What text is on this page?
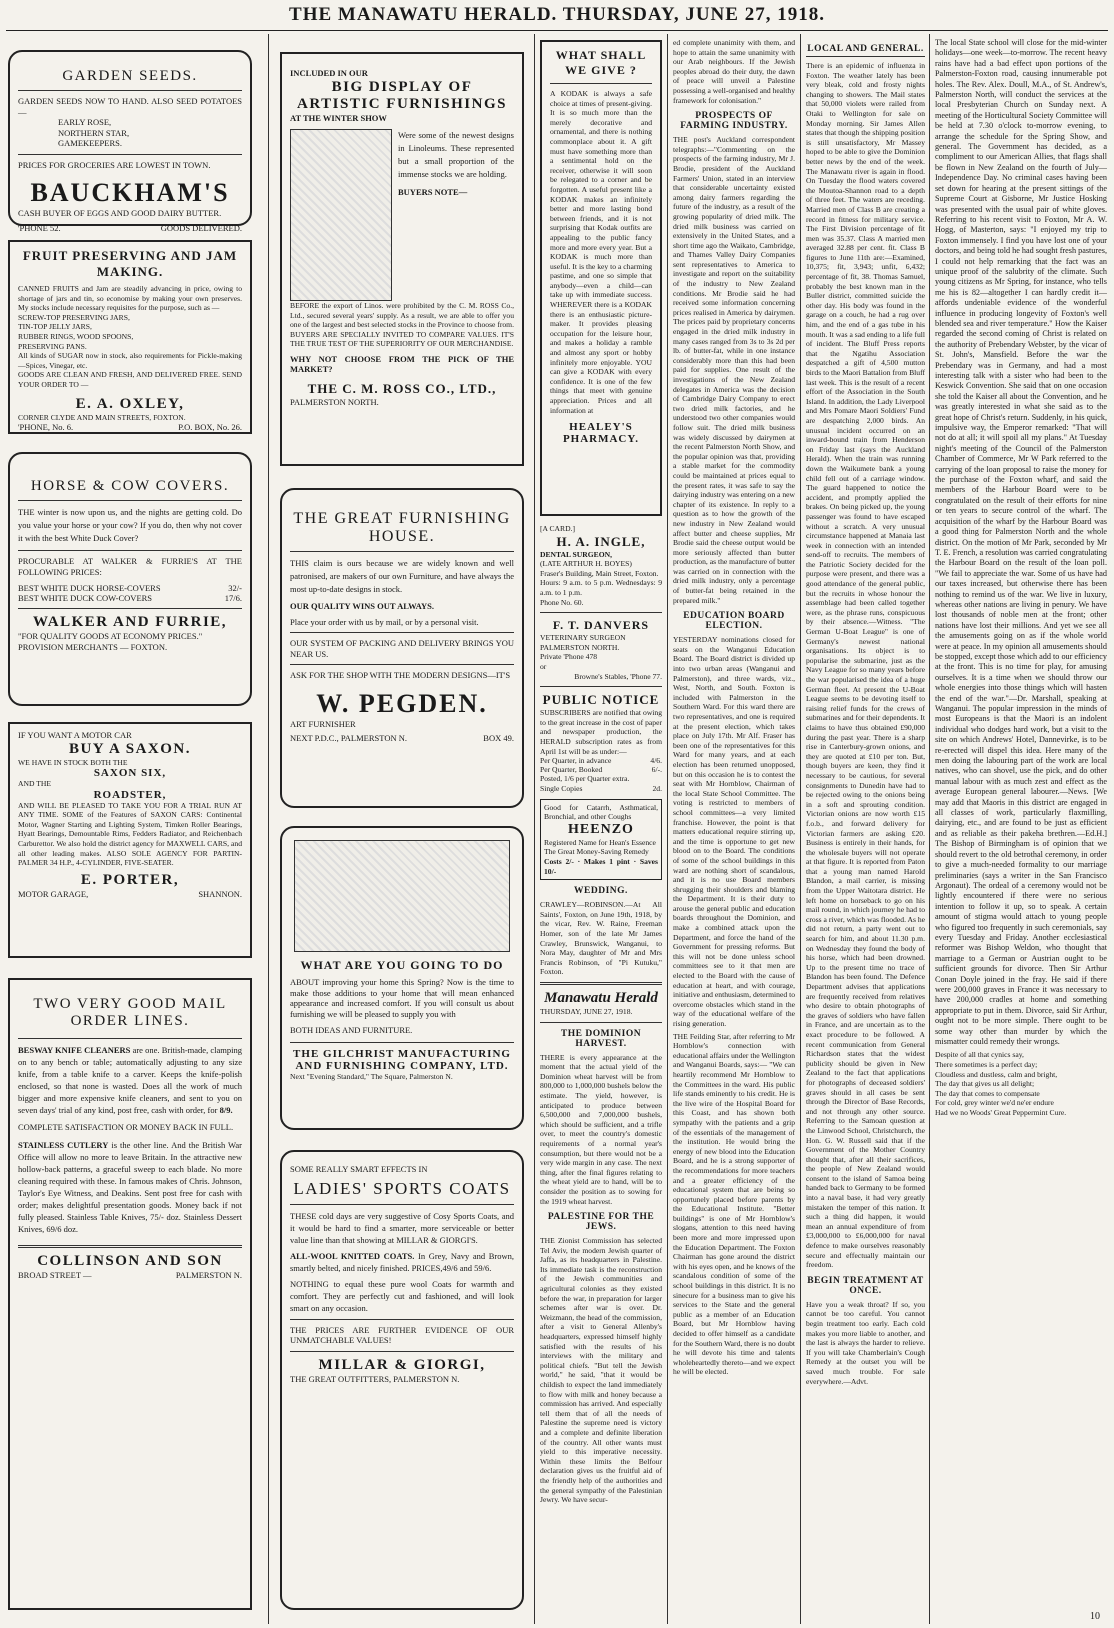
THE MANAWATU HERALD. THURSDAY, JUNE 27, 1918.
GARDEN SEEDS.
GARDEN SEEDS NOW TO HAND. ALSO SEED POTATOES —
EARLY ROSE,
NORTHERN STAR,
GAMEKEEPERS.
PRICES FOR GROCERIES ARE LOWEST IN TOWN.
BAUCKHAM'S
CASH BUYER OF EGGS AND GOOD DAIRY BUTTER.
'PHONE 52.	GOODS DELIVERED.
FRUIT PRESERVING AND JAM MAKING.
CANNED FRUITS and Jam are steadily advancing in price, owing to shortage of jars and tin, so economise by making your own preserves. My stocks include necessary requisites for the purpose, such as —
SCREW-TOP PRESERVING JARS,
TIN-TOP JELLY JARS,
RUBBER RINGS, WOOD SPOONS,
PRESERVING PANS.
All kinds of SUGAR now in stock, also requirements for Pickle-making—Spices, Vinegar, etc.
GOODS ARE CLEAN AND FRESH, AND DELIVERED FREE. SEND YOUR ORDER TO —
E. A. OXLEY,
CORNER CLYDE AND MAIN STREETS, FOXTON.
'PHONE, No. 6.	P.O. BOX, No. 26.
HORSE & COW COVERS.
THE winter is now upon us, and the nights are getting cold. Do you value your horse or your cow? If you do, then why not cover it with the best White Duck Cover?
PROCURABLE AT WALKER & FURRIE'S AT THE FOLLOWING PRICES:
BEST WHITE DUCK HORSE-COVERS	32/-
BEST WHITE DUCK COW-COVERS	17/6.
WALKER AND FURRIE,
"FOR QUALITY GOODS AT ECONOMY PRICES."
PROVISION MERCHANTS — FOXTON.
IF YOU WANT A MOTOR CAR
BUY A SAXON.
WE HAVE IN STOCK BOTH THE
SAXON SIX,
AND THE
ROADSTER,
AND WILL BE PLEASED TO TAKE YOU FOR A TRIAL RUN AT ANY TIME. SOME of the Features of SAXON CARS: Continental Motor, Wagner Starting and Lighting System, Timken Roller Bearings, Hyatt Bearings, Demountable Rims, Fedders Radiator, and Reichenbach Carburettor. We also hold the district agency for MAXWELL CARS, and all other leading makes. ALSO SOLE AGENCY FOR PARTIN-PALMER 34 H.P., 4-CYLINDER, FIVE-SEATER.
E. PORTER,
MOTOR GARAGE,	SHANNON.
TWO VERY GOOD MAIL ORDER LINES.
BESWAY KNIFE CLEANERS are one. British-made, clamping on to any bench or table; automatically adjusting to any size knife, from a table knife to a carver. Keeps the knife-polish enclosed, so that none is wasted. Does all the work of much bigger and more expensive knife cleaners, and sent to you on seven days' trial of any kind, post free, cash with order, for 8/9.
COMPLETE SATISFACTION OR MONEY BACK IN FULL.
STAINLESS CUTLERY is the other line. And the British War Office will allow no more to leave Britain. In the attractive new hollow-back patterns, a graceful sweep to each blade. No more cleaning required with these. In famous makes of Chris. Johnson, Taylor's Eye Witness, and Deakins. Sent post free for cash with order; makes delightful presentation goods. Money back if not fully pleased. Stainless Table Knives, 75/- doz. Stainless Dessert Knives, 69/6 doz.
COLLINSON AND SON
BROAD STREET —	PALMERSTON N.
INCLUDED IN OUR
BIG DISPLAY OF ARTISTIC FURNISHINGS
AT THE WINTER SHOW
Were some of the newest designs in Linoleums. These represented but a small proportion of the immense stocks we are holding.
BUYERS NOTE—
BEFORE the export of Linos. were prohibited by the C. M. ROSS Co., Ltd., secured several years' supply. As a result, we are able to offer you one of the largest and best selected stocks in the Province to choose from. BUYERS ARE SPECIALLY INVITED TO COMPARE VALUES. IT'S THE TRUE TEST OF THE SUPERIORITY OF OUR MERCHANDISE.
WHY NOT CHOOSE FROM THE PICK OF THE MARKET?
THE C. M. ROSS CO., LTD.,
PALMERSTON NORTH.
THE GREAT FURNISHING HOUSE.
THIS claim is ours because we are widely known and well patronised, are makers of our own Furniture, and have always the most up-to-date designs in stock.
OUR QUALITY WINS OUT ALWAYS.
Place your order with us by mail, or by a personal visit.
OUR SYSTEM OF PACKING AND DELIVERY BRINGS YOU NEAR US.
ASK FOR THE SHOP WITH THE MODERN DESIGNS—IT'S
W. PEGDEN.
ART FURNISHER
NEXT P.D.C., PALMERSTON N.	BOX 49.
WHAT ARE YOU GOING TO DO
ABOUT improving your home this Spring? Now is the time to make those additions to your home that will mean enhanced appearance and increased comfort. If you will consult us about furnishing we will be pleased to supply you with
BOTH IDEAS AND FURNITURE.
THE GILCHRIST MANUFACTURING AND FURNISHING COMPANY, LTD.
Next "Evening Standard," The Square, Palmerston N.
SOME REALLY SMART EFFECTS IN
LADIES' SPORTS COATS
THESE cold days are very suggestive of Cosy Sports Coats, and it would be hard to find a smarter, more serviceable or better value line than that showing at MILLAR & GIORGI'S.
ALL-WOOL KNITTED COATS. In Grey, Navy and Brown, smartly belted, and nicely finished. PRICES,49/6 and 59/6.
NOTHING to equal these pure wool Coats for warmth and comfort. They are perfectly cut and fashioned, and will look smart on any occasion.
THE PRICES ARE FURTHER EVIDENCE OF OUR UNMATCHABLE VALUES!
MILLAR & GIORGI,
THE GREAT OUTFITTERS, PALMERSTON N.
WHAT SHALL WE GIVE ?
A KODAK is always a safe choice at times of present-giving. It is so much more than the merely decorative and ornamental, and there is nothing commonplace about it. A gift must have something more than a sentimental hold on the receiver, otherwise it will soon be relegated to a corner and be forgotten. A useful present like a KODAK makes an infinitely better and more lasting bond between friends, and it is not surprising that Kodak outfits are appealing to the public fancy more and more every year. But a KODAK is much more than useful. It is the key to a charming pastime, and one so simple that anybody—even a child—can take up with immediate success. WHEREVER there is a KODAK there is an enthusiastic picture-maker. It provides pleasing occupation for the leisure hour, and makes a holiday a ramble and almost any sport or hobby infinitely more enjoyable. YOU can give a KODAK with every confidence. It is one of the few things that meet with genuine appreciation. Prices and all information at
HEALEY'S PHARMACY.
[A CARD.]
H. A. INGLE,
DENTAL SURGEON,
(LATE ARTHUR H. BOYES)
Fraser's Building, Main Street, Foxton.
Hours: 9 a.m. to 5 p.m. Wednesdays: 9 a.m. to 1 p.m.
Phone No. 60.
F. T. DANVERS
VETERINARY SURGEON
PALMERSTON NORTH.
Private 'Phone 478
or
Browne's Stables, 'Phone 77.
PUBLIC NOTICE
SUBSCRIBERS are notified that owing to the great increase in the cost of paper and newspaper production, the HERALD subscription rates as from April 1st will be as under:—
Per Quarter, in advance	4/6.
Per Quarter, Booked	6/-.
Posted, 1/6 per Quarter extra.
Single Copies	2d.
Good for Catarrh, Asthmatical, Bronchial, and other Coughs
HEENZO
Registered Name for Hean's Essence
The Great Money-Saving Remedy
Costs 2/- · Makes 1 pint · Saves 10/-
WEDDING.
CRAWLEY—ROBINSON.—At All Saints', Foxton, on June 19th, 1918, by the vicar, Rev. W. Raine, Freeman Homer, son of the late Mr James Crawley, Brunswick, Wanganui, to Nora May, daughter of Mr and Mrs Francis Robinson, of "Pi Kutuku," Foxton.
Manawatu Herald
THURSDAY, JUNE 27, 1918.
THE DOMINION HARVEST.
THERE is every appearance at the moment that the actual yield of the Dominion wheat harvest will be from 800,000 to 1,000,000 bushels below the estimate. The yield, however, is anticipated to produce between 6,500,000 and 7,000,000 bushels, which should be sufficient, and a trifle over, to meet the country's domestic requirements of a normal year's consumption, but there would not be a very wide margin in any case. The next thing, after the final figures relating to the wheat yield are to hand, will be to consider the position as to sowing for the 1919 wheat harvest.
PALESTINE FOR THE JEWS.
THE Zionist Commission has selected Tel Aviv, the modern Jewish quarter of Jaffa, as its headquarters in Palestine. Its immediate task is the reconstruction of the Jewish communities and agricultural colonies as they existed before the war, in preparation for larger schemes after war is over. Dr. Weizmann, the head of the commission, after a visit to General Allenby's headquarters, expressed himself highly satisfied with the results of his interviews with the military and political chiefs. "But tell the Jewish world," he said, "that it would be childish to expect the land immediately to flow with milk and honey because a commission has arrived. And especially tell them that of all the needs of Palestine the supreme need is victory and a complete and definite liberation of the country. All other wants must yield to this imperative necessity. Within these limits the Belfour declaration gives us the fruitful aid of the friendly help of the authorities and the general sympathy of the Palestinian Jewry. We have secur-
ed complete unanimity with them, and hope to attain the same unanimity with our Arab neighbours. If the Jewish peoples abroad do their duty, the dawn of peace will unveil a Palestine possessing a well-organised and healthy framework for colonisation."
PROSPECTS OF FARMING INDUSTRY.
THE post's Auckland correspondent telegraphs:—"Commenting on the prospects of the farming industry, Mr J. Brodie, president of the Auckland Farmers' Union, stated in an interview that considerable uncertainty existed among dairy farmers regarding the future of the industry, as a result of the growing popularity of dried milk. The dried milk business was carried on extensively in the United States, and a short time ago the Waikato, Cambridge, and Thames Valley Dairy Companies sent representatives to America to investigate and report on the suitability of the industry to New Zealand conditions. Mr Brodie said he had received some information concerning prices realised in America by dairymen. The prices paid by proprietary concerns engaged in the dried milk industry in many cases ranged from 3s to 3s 2d per lb. of butter-fat, while in one instance considerably more than this had been paid for supplies. One result of the investigations of the New Zealand delegates in America was the decision of Cambridge Dairy Company to erect two dried milk factories, and he understood two other companies would follow suit. The dried milk business was widely discussed by dairymen at the recent Palmerston North Show, and the popular opinion was that, providing a stable market for the commodity could be maintained at prices equal to the present rates, it was safe to say the dairying industry was entering on a new chapter of its existence. In reply to a question as to how the growth of the new industry in New Zealand would affect butter and cheese supplies, Mr Brodie said the cheese output would be more seriously affected than butter production, as the manufacture of butter was carried on in connection with the dried milk industry, only a percentage of butter-fat being retained in the prepared milk."
EDUCATION BOARD ELECTION.
YESTERDAY nominations closed for seats on the Wanganui Education Board. The Board district is divided up into two urban areas (Wanganui and Palmerston), and three wards, viz., West, North, and South. Foxton is included with Palmerston in the Southern Ward. For this ward there are two representatives, and one is required at the present election, which takes place on July 17th. Mr Alf. Fraser has been one of the representatives for this Ward for many years, and at each election has been returned unopposed, but on this occasion he is to contest the seat with Mr Hornblow, Chairman of the local State School Committee. The voting is restricted to members of school committees—a very limited franchise. However, the point is that matters educational require stirring up, and the time is opportune to get new blood on to the Board. The conditions of some of the school buildings in this ward are nothing short of scandalous, and it is no use Board members shrugging their shoulders and blaming the Department. It is their duty to arouse the general public and education boards throughout the Dominion, and make a combined attack upon the Department, and force the hand of the Government for pressing reforms. But this will not be done unless school committees see to it that men are elected to the Board with the cause of education at heart, and with courage, initiative and enthusiasm, determined to overcome obstacles which stand in the way of the educational welfare of the rising generation.
THE Feilding Star, after referring to Mr Hornblow's connection with educational affairs under the Wellington and Wanganui Boards, says:— "We can heartily recommend Mr Hornblow to the Committees in the ward. His public life stands eminently to his credit. He is the live wire of the Hospital Board for this Coast, and has shown both sympathy with the patients and a grip of the essentials of the management of the institution. He would bring the energy of new blood into the Education Board, and he is a strong supporter of the recommendations for more teachers and a greater efficiency of the educational system that are being so opportunely placed before parents by the Educational Institute. "Better buildings" is one of Mr Hornblow's slogans, attention to this need having been more and more impressed upon the Education Department. The Foxton Chairman has gone around the district with his eyes open, and he knows of the scandalous condition of some of the school buildings in this district. It is no sinecure for a business man to give his services to the State and the general public as a member of an Education Board, but Mr Hornblow having decided to offer himself as a candidate for the Southern Ward, there is no doubt he will devote his time and talents wholeheartedly thereto—and we expect he will be elected.
LOCAL AND GENERAL.
There is an epidemic of influenza in Foxton. The weather lately has been very bleak, cold and frosty nights changing to showers. The Mail states that 50,000 violets were railed from Otaki to Wellington for sale on Monday morning. Sir James Allen states that though the shipping position is still unsatisfactory, Mr Massey hoped to be able to give the Dominion better news by the end of the week. The Manawatu river is again in flood. On Tuesday the flood waters covered the Moutoa-Shannon road to a depth of three feet. The waters are receding. Married men of Class B are creating a record in fitness for military service. The First Division percentage of fit men was 35.37. Class A married men averaged 32.88 per cent. fit. Class B figures to June 11th are:—Examined, 10,375; fit, 3,943; unfit, 6,432; percentage of fit, 38. Thomas Samuel, probably the best known man in the Buller district, committed suicide the other day. His body was found in the garage on a couch, he had a rug over him, and the end of a gas tube in his mouth. It was a sad ending to a life full of incident. The Bluff Press reports that the Ngatihu Association despatched a gift of 4,500 mutton birds to the Maori Battalion from Bluff last week. This is the result of a recent effort of the Association in the South Island. In addition, the Lady Liverpool and Mrs Pomare Maori Soldiers' Fund are despatching 2,000 birds. An unusual incident occurred on an inward-bound train from Henderson on Friday last (says the Auckland Herald). When the train was running down the Waikumete bank a young child fell out of a carriage window. The guard happened to notice the accident, and promptly applied the brakes. On being picked up, the young passenger was found to have escaped without a scratch. A very unusual circumstance happened at Manaia last week in connection with an intended send-off to recruits. The members of the Patriotic Society decided for the purpose were present, and there was a good attendance of the general public, but the recruits in whose honour the assemblage had been called together were, as the phrase runs, conspicuous by their absence.—Witness. "The German U-Boat League" is one of Germany's newest national organisations. Its object is to popularise the submarine, just as the Navy League for so many years before the war popularised the idea of a huge German fleet. At present the U-Boat League seems to be devoting itself to raising relief funds for the crews of submarines and for their dependents. It claims to have thus obtained £90,000 during the past year. There is a sharp rise in Canterbury-grown onions, and they are quoted at £10 per ton. But, though buyers are keen, they find it necessary to be cautious, for several consignments to Dunedin have had to be rejected owing to the onions being in a soft and sprouting condition. Victorian onions are now worth £15 f.o.b., and forward delivery for Victorian farmers are asking £20. Business is entirely in their hands, for the wholesale buyers will not operate at that figure. It is reported from Paton that a young man named Harold Blandon, a mail carrier, is missing from the Upper Waitotara district. He left home on horseback to go on his mail round, in which journey he had to cross a river, which was flooded. As he did not return, a party went out to search for him, and about 11.30 p.m. on Wednesday they found the body of his horse, which had been drowned. Up to the present time no trace of Blandon has been found. The Defence Department advises that applications are frequently received from relatives who desire to obtain photographs of the graves of soldiers who have fallen in France, and are uncertain as to the exact procedure to be followed. A recent communication from General Richardson states that the widest publicity should be given in New Zealand to the fact that applications for photographs of deceased soldiers' graves should in all cases be sent through the Director of Base Records, and not through any other source. Referring to the Samoan question at the Linwood School, Christchurch, the Hon. G. W. Russell said that if the Government of the Mother Country thought that, after all their sacrifices, the people of New Zealand would consent to the island of Samoa being handed back to Germany to be formed into a naval base, it had very greatly mistaken the temper of this nation. It such a thing did happen, it would mean an annual expenditure of from £3,000,000 to £6,000,000 for naval defence to make ourselves reasonably secure and effectually maintain our freedom.
BEGIN TREATMENT AT ONCE.
Have you a weak throat? If so, you cannot be too careful. You cannot begin treatment too early. Each cold makes you more liable to another, and the last is always the harder to relieve. If you will take Chamberlain's Cough Remedy at the outset you will be saved much trouble. For sale everywhere.—Advt.
The local State school will close for the mid-winter holidays—one week—to-morrow. The recent heavy rains have had a bad effect upon portions of the Palmerston-Foxton road, causing innumerable pot holes. The Rev. Alex. Doull, M.A., of St. Andrew's, Palmerston North, will conduct the services at the local Presbyterian Church on Sunday next. A meeting of the Horticultural Society Committee will be held at 7.30 o'clock to-morrow evening, to arrange the schedule for the Spring Show, and general. The Government has decided, as a compliment to our American Allies, that flags shall be flown in New Zealand on the fourth of July—Independence Day. No criminal cases having been set down for hearing at the present sittings of the Supreme Court at Gisborne, Mr Justice Hosking was presented with the usual pair of white gloves. Referring to his recent visit to Foxton, Mr A. W. Hogg, of Masterton, says: "I enjoyed my trip to Foxton immensely. I find you have lost one of your doctors, and being told he had sought fresh pastures, I could not help remarking that the fact was an unique proof of the salubrity of the climate. Such young citizens as Mr Spring, for instance, who tells me his is 82—altogether I can hardly credit it—affords undeniable evidence of the wonderful influence in producing longevity of Foxton's well blended sea and river temperature." How the Kaiser regarded the second coming of Christ is related on the authority of Prebendary Webster, by the vicar of St. John's, Mansfield. Before the war the Prebendary was in Germany, and had a most interesting talk with a sister who had been to the Keswick Convention. She said that on one occasion she told the Kaiser all about the Convention, and he was greatly interested in what she said as to the great hope of Christ's return. Suddenly, in his quick, impulsive way, the Emperor remarked: "That will not do at all; it will spoil all my plans." At Tuesday night's meeting of the Council of the Palmerston Chamber of Commerce, Mr W Park referred to the carrying of the loan proposal to raise the money for the purchase of the Foxton wharf, and said the members of the Harbour Board were to be congratulated on the result of their efforts for nine or ten years to secure control of the wharf. The acquisition of the wharf by the Harbour Board was a good thing for Palmerston North and the whole district. On the motion of Mr Park, seconded by Mr T. E. French, a resolution was carried congratulating the Harbour Board on the result of the loan poll. "We fail to appreciate the war. Some of us have had our taxes increased, but otherwise there has been nothing to remind us of the war. We live in luxury, whereas other nations are living in penury. We have lost thousands of noble men at the front; other nations have lost their millions. And yet we see all the amusements going on as if the whole world were at peace. In my opinion all amusements should be stopped, except those which add to our efficiency at the front. This is no time for play, for amusing ourselves. It is a time when we should throw our whole energies into those things which will hasten the end of the war."—Dr. Marshall, speaking at Wanganui. The popular impression in the minds of most Europeans is that the Maori is an indolent individual who dodges hard work, but a visit to the site on which Andrews' Hotel, Dannevirke, is to be re-erected will dispel this idea. Here many of the men doing the labouring part of the work are local natives, who can shovel, use the pick, and do other manual labour with as much zest and effect as the average European general labourer.—News. [We may add that Maoris in this district are engaged in all classes of work, particularly flaxmilling, dairying, etc., and are found to be just as efficient and as reliable as their pakeha brethren.—Ed.H.] The Bishop of Birmingham is of opinion that we should revert to the old betrothal ceremony, in order to give a much-needed formality to our marriage preliminaries (says a writer in the San Francisco Argonaut). The ordeal of a ceremony would not be lightly encountered if there were no serious intention to follow it up, so to speak. A certain amount of stigma would attach to young people who figured too frequently in such ceremonials, say every Tuesday and Friday. Another ecclesiastical reformer was Bishop Weldon, who thought that marriage to a German or Austrian ought to be sufficient grounds for divorce. Then Sir Arthur Conan Doyle joined in the fray. He said if there were 200,000 graves in France it was necessary to have 200,000 cradles at home and something appropriate to put in them. Divorce, said Sir Arthur, ought not to be more simple. There ought to be some way other than murder by which the mismatter could remedy their wrongs.
Despite of all that cynics say,
There sometimes is a perfect day;
Cloudless and dustless, calm and bright,
The day that gives us all delight;
The day that comes to compensate
For cold, grey winter we'd ne'er endure
Had we no Woods' Great Peppermint Cure.
10
